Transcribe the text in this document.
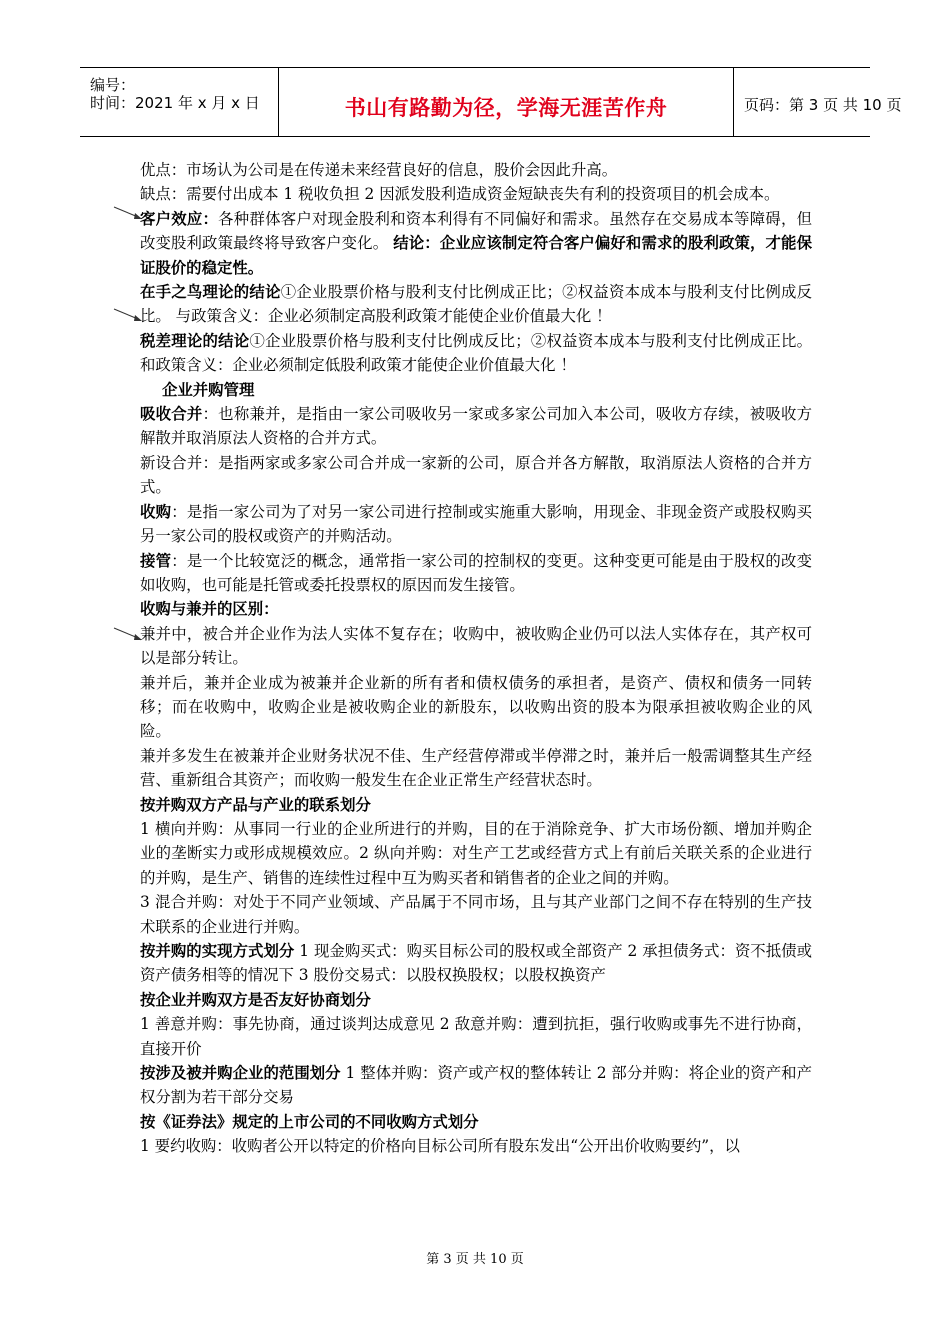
编号：
时间：2021 年 x 月 x 日	书山有路勤为径，学海无涯苦作舟	页码：第 3 页 共 10 页

优点：市场认为公司是在传递未来经营良好的信息，股价会因此升高。

缺点：需要付出成本 1 税收负担 2 因派发股利造成资金短缺丧失有利的投资项目的机会成本。

客户效应：各种群体客户对现金股利和资本利得有不同偏好和需求。虽然存在交易成本等障碍，但改变股利政策最终将导致客户变化。 结论：企业应该制定符合客户偏好和需求的股利政策，才能保证股价的稳定性。

在手之鸟理论的结论①企业股票价格与股利支付比例成正比；②权益资本成本与股利支付比例成反比。 与政策含义：企业必须制定高股利政策才能使企业价值最大化 ！

税差理论的结论①企业股票价格与股利支付比例成反比；②权益资本成本与股利支付比例成正比。 和政策含义：企业必须制定低股利政策才能使企业价值最大化 ！

企业并购管理

吸收合并：也称兼并，是指由一家公司吸收另一家或多家公司加入本公司，吸收方存续，被吸收方解散并取消原法人资格的合并方式。

新设合并：是指两家或多家公司合并成一家新的公司，原合并各方解散，取消原法人资格的合并方式。

收购：是指一家公司为了对另一家公司进行控制或实施重大影响，用现金、非现金资产或股权购买另一家公司的股权或资产的并购活动。

接管：是一个比较宽泛的概念，通常指一家公司的控制权的变更。这种变更可能是由于股权的改变如收购，也可能是托管或委托投票权的原因而发生接管。

收购与兼并的区别：

兼并中，被合并企业作为法人实体不复存在；收购中，被收购企业仍可以法人实体存在，其产权可以是部分转让。

兼并后，兼并企业成为被兼并企业新的所有者和债权债务的承担者，是资产、债权和债务一同转移；而在收购中，收购企业是被收购企业的新股东，以收购出资的股本为限承担被收购企业的风险。

兼并多发生在被兼并企业财务状况不佳、生产经营停滞或半停滞之时，兼并后一般需调整其生产经营、重新组合其资产；而收购一般发生在企业正常生产经营状态时。

按并购双方产品与产业的联系划分

1 横向并购：从事同一行业的企业所进行的并购，目的在于消除竞争、扩大市场份额、增加并购企业的垄断实力或形成规模效应。2 纵向并购：对生产工艺或经营方式上有前后关联关系的企业进行的并购，是生产、销售的连续性过程中互为购买者和销售者的企业之间的并购。

3 混合并购：对处于不同产业领域、产品属于不同市场，且与其产业部门之间不存在特别的生产技术联系的企业进行并购。

按并购的实现方式划分 1 现金购买式：购买目标公司的股权或全部资产 2 承担债务式：资不抵债或资产债务相等的情况下 3 股份交易式：以股权换股权；以股权换资产

按企业并购双方是否友好协商划分

1 善意并购：事先协商，通过谈判达成意见 2 敌意并购：遭到抗拒，强行收购或事先不进行协商，直接开价

按涉及被并购企业的范围划分 1 整体并购：资产或产权的整体转让 2 部分并购：将企业的资产和产权分割为若干部分交易

按《证券法》规定的上市公司的不同收购方式划分

1 要约收购：收购者公开以特定的价格向目标公司所有股东发出“公开出价收购要约”，以

第 3 页 共 10 页
